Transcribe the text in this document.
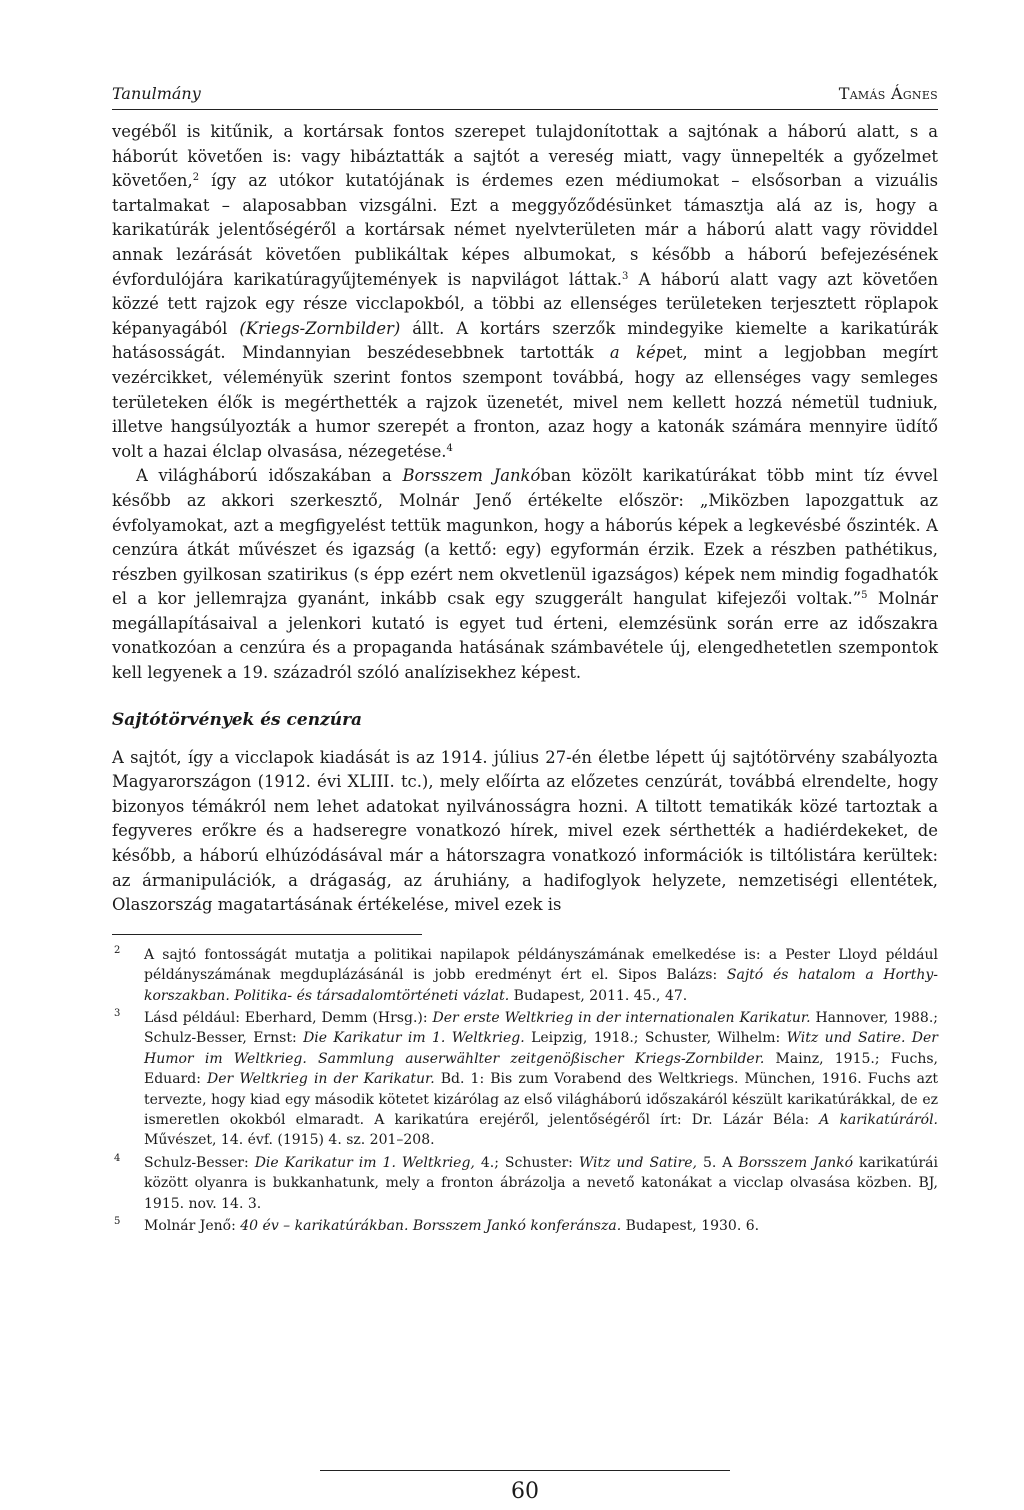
Tanulmány	Tamás Ágnes

vegéből is kitűnik, a kortársak fontos szerepet tulajdonítottak a sajtónak a háború alatt, s a háborút követően is: vagy hibáztatták a sajtót a vereség miatt, vagy ünnepelték a győzelmet követően,$^2$ így az utókor kutatójának is érdemes ezen médiumokat – elsősorban a vizuális tartalmakat – alaposabban vizsgálni. Ezt a meggyőződésünket támasztja alá az is, hogy a karikatúrák jelentőségéről a kortársak német nyelvterületen már a háború alatt vagy röviddel annak lezárását követően publikáltak képes albumokat, s később a háború befejezésének évfordulójára karikatúragyűjtemények is napvilágot láttak.$^3$ A háború alatt vagy azt követően közzé tett rajzok egy része vicclapokból, a többi az ellenséges területeken terjesztett röplapok képanyagából (Kriegs-Zornbilder) állt. A kortárs szerzők mindegyike kiemelte a karikatúrák hatásosságát. Mindannyian beszédesebbnek tartották a képet, mint a legjobban megírt vezércikket, véleményük szerint fontos szempont továbbá, hogy az ellenséges vagy semleges területeken élők is megérthették a rajzok üzenetét, mivel nem kellett hozzá németül tudniuk, illetve hangsúlyozták a humor szerepét a fronton, azaz hogy a katonák számára mennyire üdítő volt a hazai élclap olvasása, nézegetése.$^4$

A világháború időszakában a Borsszem Jankóban közölt karikatúrákat több mint tíz évvel később az akkori szerkesztő, Molnár Jenő értékelte először: „Miközben lapozgattuk az évfolyamokat, azt a megfigyelést tettük magunkon, hogy a háborús képek a legkevésbé őszinték. A cenzúra átkát művészet és igazság (a kettő: egy) egyformán érzik. Ezek a részben pathétikus, részben gyilkosan szatirikus (s épp ezért nem okvetlenül igazságos) képek nem mindig fogadhatók el a kor jellemrajza gyanánt, inkább csak egy szuggerált hangulat kifejezői voltak.”$^5$ Molnár megállapításaival a jelenkori kutató is egyet tud érteni, elemzésünk során erre az időszakra vonatkozóan a cenzúra és a propaganda hatásának számbavétele új, elengedhetetlen szempontok kell legyenek a 19. századról szóló analízisekhez képest.

Sajtótörvények és cenzúra

A sajtót, így a vicclapok kiadását is az 1914. július 27-én életbe lépett új sajtótörvény szabályozta Magyarországon (1912. évi XLIII. tc.), mely előírta az előzetes cenzúrát, továbbá elrendelte, hogy bizonyos témákról nem lehet adatokat nyilvánosságra hozni. A tiltott tematikák közé tartoztak a fegyveres erőkre és a hadseregre vonatkozó hírek, mivel ezek sérthették a hadiérdekeket, de később, a háború elhúzódásával már a hátorszagra vonatkozó információk is tiltólistára kerültek: az ármanipulációk, a drágaság, az áruhiány, a hadifoglyok helyzete, nemzetiségi ellentétek, Olaszország magatartásának értékelése, mivel ezek is

2	A sajtó fontosságát mutatja a politikai napilapok példányszámának emelkedése is: a Pester Lloyd például példányszámának megduplázásánál is jobb eredményt ért el. Sipos Balázs: Sajtó és hatalom a Horthy-korszakban. Politika- és társadalomtörténeti vázlat. Budapest, 2011. 45., 47.
3	Lásd például: Eberhard, Demm (Hrsg.): Der erste Weltkrieg in der internationalen Karikatur. Hannover, 1988.; Schulz-Besser, Ernst: Die Karikatur im 1. Weltkrieg. Leipzig, 1918.; Schuster, Wilhelm: Witz und Satire. Der Humor im Weltkrieg. Sammlung auserwählter zeitgenößischer Kriegs-Zornbilder. Mainz, 1915.; Fuchs, Eduard: Der Weltkrieg in der Karikatur. Bd. 1: Bis zum Vorabend des Weltkriegs. München, 1916. Fuchs azt tervezte, hogy kiad egy második kötetet kizárólag az első világháború időszakáról készült karikatúrákkal, de ez ismeretlen okokból elmaradt. A karikatúra erejéről, jelentőségéről írt: Dr. Lázár Béla: A karikatúráról. Művészet, 14. évf. (1915) 4. sz. 201–208.
4	Schulz-Besser: Die Karikatur im 1. Weltkrieg, 4.; Schuster: Witz und Satire, 5. A Borsszem Jankó karikatúrái között olyanra is bukkanhatunk, mely a fronton ábrázolja a nevető katonákat a vicclap olvasása közben. BJ, 1915. nov. 14. 3.
5	Molnár Jenő: 40 év – karikatúrákban. Borsszem Jankó konferánsza. Budapest, 1930. 6.
60
